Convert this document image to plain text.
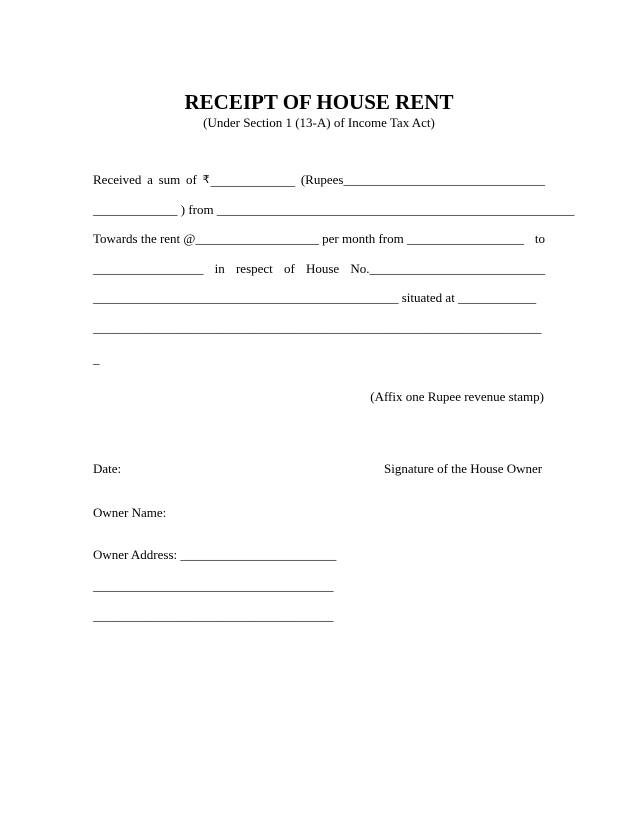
RECEIPT OF HOUSE RENT
(Under Section 1 (13-A) of Income Tax Act)
Received a sum of ₹_____________ (Rupees_______________________________
_____________ ) from _______________________________________________________
Towards the rent @___________________ per month from __________________ to
_________________ in respect of House No.___________________________
_______________________________________________ situated at ____________
_____________________________________________________________________
_
(Affix one Rupee revenue stamp)
Date:	Signature of the House Owner
Owner Name:
Owner Address: ________________________
_____________________________________
_____________________________________
